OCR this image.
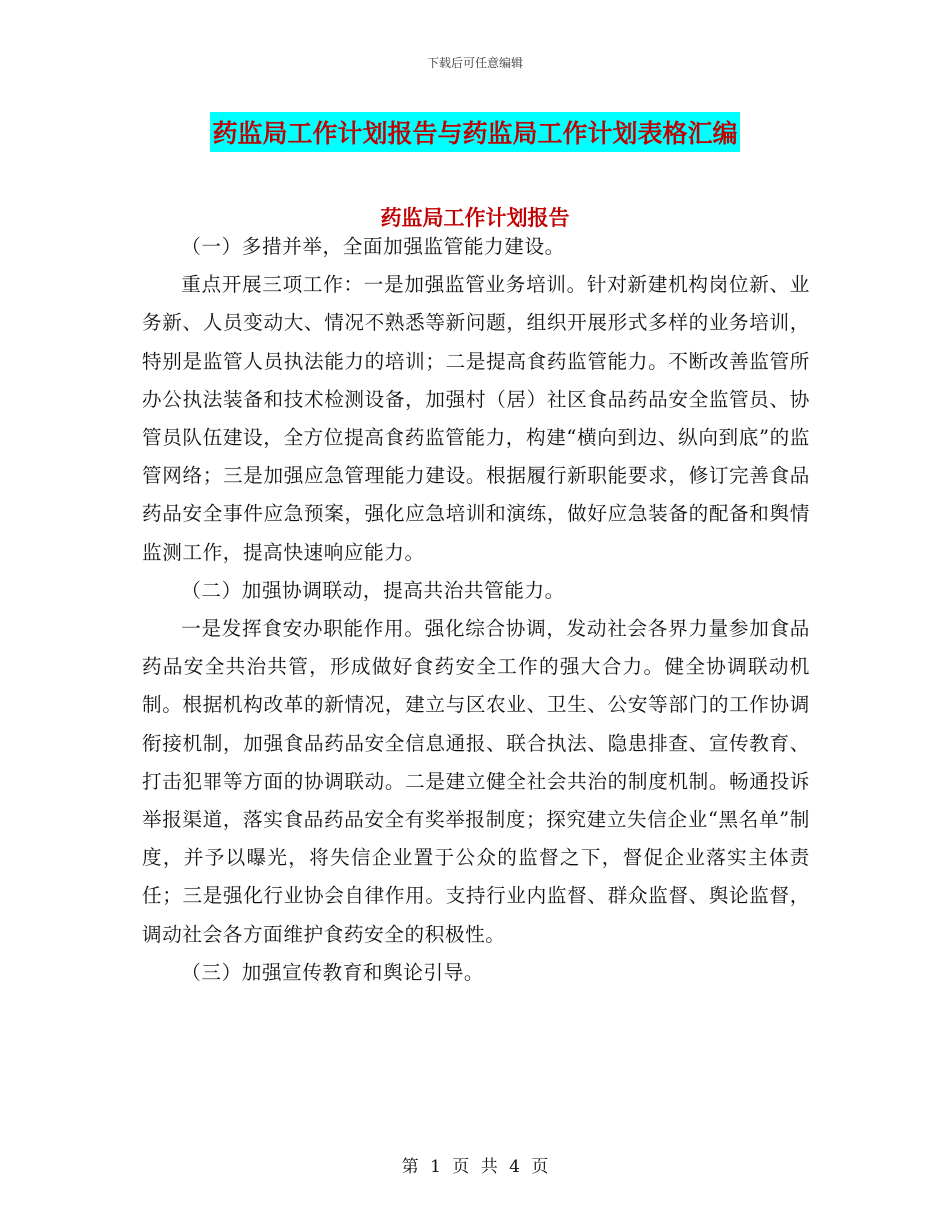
下载后可任意编辑
药监局工作计划报告与药监局工作计划表格汇编
药监局工作计划报告

（一）多措并举，全面加强监管能力建设。

重点开展三项工作：一是加强监管业务培训。针对新建机构岗位新、业务新、人员变动大、情况不熟悉等新问题，组织开展形式多样的业务培训，特别是监管人员执法能力的培训；二是提高食药监管能力。不断改善监管所办公执法装备和技术检测设备，加强村（居）社区食品药品安全监管员、协管员队伍建设，全方位提高食药监管能力，构建“横向到边、纵向到底”的监管网络；三是加强应急管理能力建设。根据履行新职能要求，修订完善食品药品安全事件应急预案，强化应急培训和演练，做好应急装备的配备和舆情监测工作，提高快速响应能力。

（二）加强协调联动，提高共治共管能力。

一是发挥食安办职能作用。强化综合协调，发动社会各界力量参加食品药品安全共治共管，形成做好食药安全工作的强大合力。健全协调联动机制。根据机构改革的新情况，建立与区农业、卫生、公安等部门的工作协调衔接机制，加强食品药品安全信息通报、联合执法、隐患排查、宣传教育、打击犯罪等方面的协调联动。二是建立健全社会共治的制度机制。畅通投诉举报渠道，落实食品药品安全有奖举报制度；探究建立失信企业“黑名单”制度，并予以曝光，将失信企业置于公众的监督之下，督促企业落实主体责任；三是强化行业协会自律作用。支持行业内监督、群众监督、舆论监督，调动社会各方面维护食药安全的积极性。

（三）加强宣传教育和舆论引导。

第 1 页 共 4 页
